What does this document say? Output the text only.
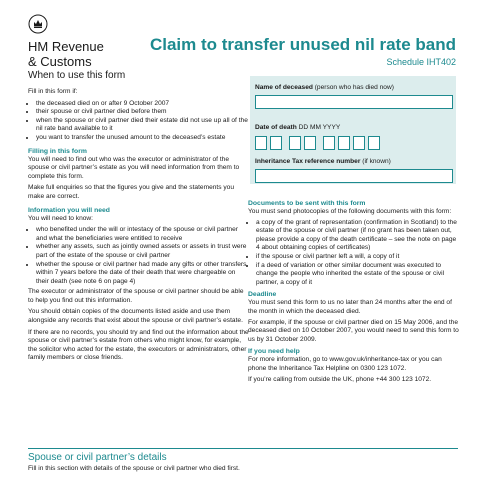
HM Revenue
& Customs
Claim to transfer unused nil rate band
Schedule IHT402
When to use this form

Fill in this form if:

• the deceased died on or after 9 October 2007
• their spouse or civil partner died before them
• when the spouse or civil partner died their estate did not use up all of the nil rate band available to it
• you want to transfer the unused amount to the deceased’s estate
Filling in this form

You will need to find out who was the executor or administrator of the spouse or civil partner’s estate as you will need information from them to complete this form.

Make full enquiries so that the figures you give and the statements you make are correct.

Information you will need

You will need to know:

• who benefited under the will or intestacy of the spouse or civil partner and what the beneficiaries were entitled to receive
• whether any assets, such as jointly owned assets or assets in trust were part of the estate of the spouse or civil partner
• whether the spouse or civil partner had made any gifts or other transfers within 7 years before the date of their death that were chargeable on their death (see note 6 on page 4)

The executor or administrator of the spouse or civil partner should be able to help you find out this information.

You should obtain copies of the documents listed aside and use them alongside any records that exist about the spouse or civil partner’s estate.

If there are no records, you should try and find out the information about the spouse or civil partner’s estate from others who might know, for example, the solicitor who acted for the estate, the executors or administrators, other family members or close friends.

Name of deceased (person who has died now)
Date of death DD MM YYYY
Inheritance Tax reference number (if known)
Documents to be sent with this form

You must send photocopies of the following documents with this form:

• a copy of the grant of representation (confirmation in Scotland) to the estate of the spouse or civil partner (if no grant has been taken out, please provide a copy of the death certificate – see the note on page 4 about obtaining copies of certificates)
• if the spouse or civil partner left a will, a copy of it
• if a deed of variation or other similar document was executed to change the people who inherited the estate of the spouse or civil partner, a copy of it
Deadline

You must send this form to us no later than 24 months after the end of the month in which the deceased died.

For example, if the spouse or civil partner died on 15 May 2006, and the deceased died on 10 October 2007, you would need to send this form to us by 31 October 2009.

If you need help

For more information, go to www.gov.uk/inheritance-tax or you can phone the Inheritance Tax Helpline on 0300 123 1072.

If you’re calling from outside the UK, phone +44 300 123 1072.

Spouse or civil partner’s details

Fill in this section with details of the spouse or civil partner who died first.
